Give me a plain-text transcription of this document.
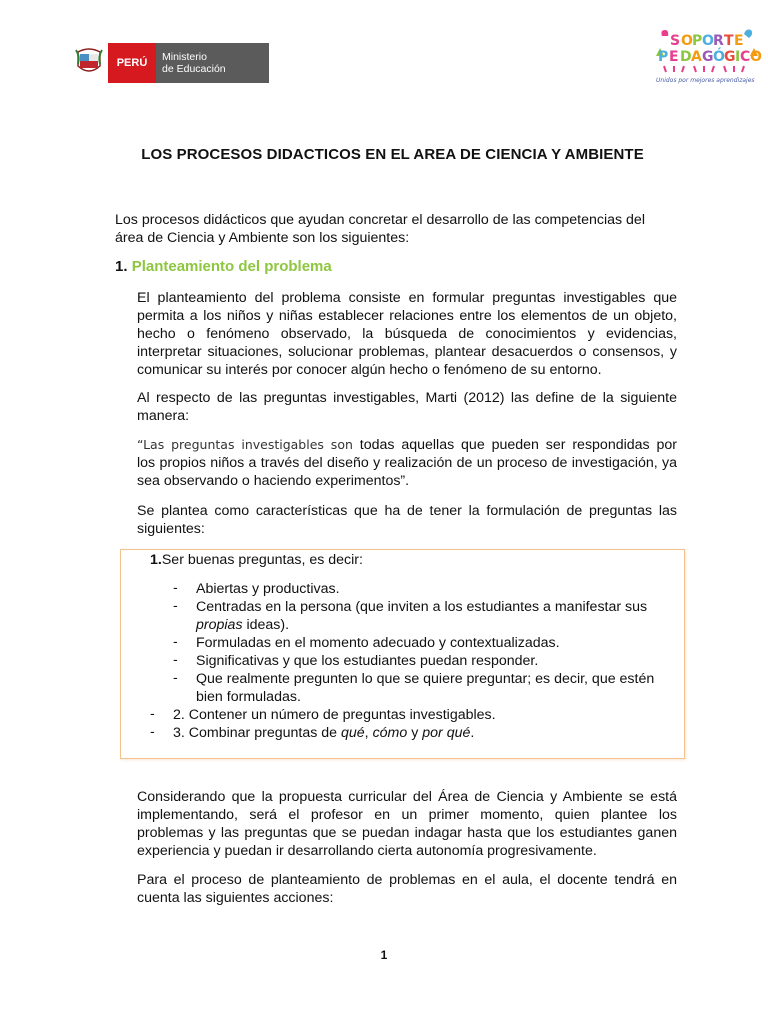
PERÚ	Ministerio
de Educación
S O P O R T E
P E D A G Ó G I C O
Unidos por mejores aprendizajes
LOS PROCESOS DIDACTICOS EN EL AREA DE CIENCIA Y AMBIENTE

Los procesos didácticos que ayudan concretar el desarrollo de las competencias del

área de Ciencia y Ambiente son los siguientes:

1. Planteamiento del problema

El planteamiento del problema consiste en formular preguntas investigables que

permita a los niños y niñas establecer relaciones entre los elementos de un objeto,

hecho o fenómeno observado, la búsqueda de conocimientos y evidencias,

interpretar situaciones, solucionar problemas, plantear desacuerdos o consensos, y

comunicar su interés por conocer algún hecho o fenómeno de su entorno.

Al respecto de las preguntas investigables, Marti (2012) las define de la siguiente

manera:

“Las preguntas investigables son todas aquellas que pueden ser respondidas por

los propios niños a través del diseño y realización de un proceso de investigación, ya

sea observando o haciendo experimentos”.

Se plantea como características que ha de tener la formulación de preguntas las

siguientes:

1.Ser buenas preguntas, es decir:
- Abiertas y productivas.
- Centradas en la persona (que inviten a los estudiantes a manifestar sus
propias ideas).
- Formuladas en el momento adecuado y contextualizadas.
- Significativas y que los estudiantes puedan responder.
- Que realmente pregunten lo que se quiere preguntar; es decir, que estén
bien formuladas.
- 2. Contener un número de preguntas investigables.
- 3. Combinar preguntas de qué, cómo y por qué.

Considerando que la propuesta curricular del Área de Ciencia y Ambiente se está

implementando, será el profesor en un primer momento, quien plantee los

problemas y las preguntas que se puedan indagar hasta que los estudiantes ganen

experiencia y puedan ir desarrollando cierta autonomía progresivamente.

Para el proceso de planteamiento de problemas en el aula, el docente tendrá en

cuenta las siguientes acciones:

1
